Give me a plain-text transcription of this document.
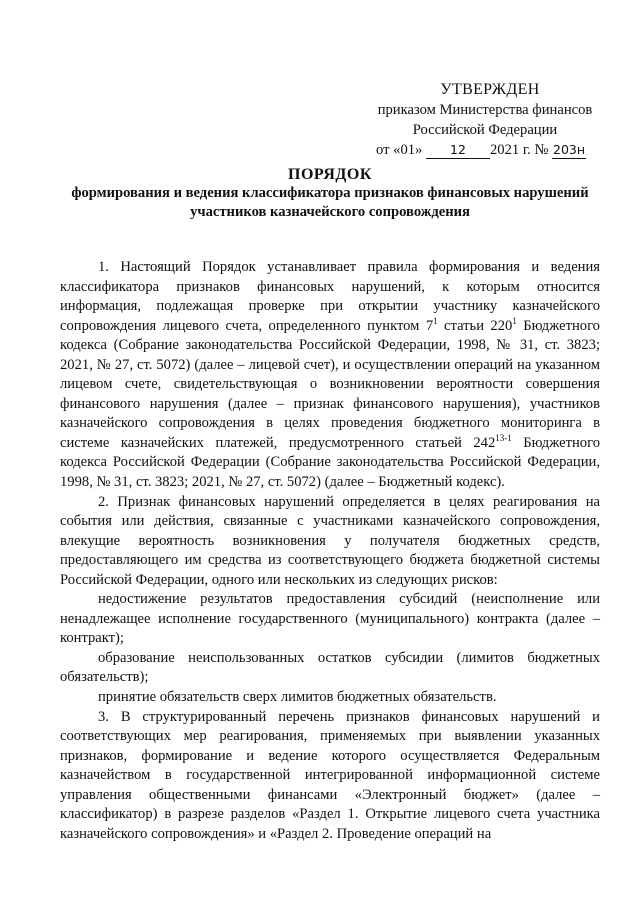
УТВЕРЖДЕН
приказом Министерства финансов
Российской Федерации
от «01» 12 2021 г. № 203н
ПОРЯДОК
формирования и ведения классификатора признаков финансовых нарушений
участников казначейского сопровождения

1. Настоящий Порядок устанавливает правила формирования и ведения классификатора признаков финансовых нарушений, к которым относится информация, подлежащая проверке при открытии участнику казначейского сопровождения лицевого счета, определенного пунктом $7^1$ статьи $220^1$ Бюджетного кодекса (Собрание законодательства Российской Федерации, 1998, № 31, ст. 3823; 2021, № 27, ст. 5072) (далее – лицевой счет), и осуществлении операций на указанном лицевом счете, свидетельствующая о возникновении вероятности совершения финансового нарушения (далее – признак финансового нарушения), участников казначейского сопровождения в целях проведения бюджетного мониторинга в системе казначейских платежей, предусмотренного статьей 242$^{13-1}$ Бюджетного кодекса Российской Федерации (Собрание законодательства Российской Федерации, 1998, № 31, ст. 3823; 2021, № 27, ст. 5072) (далее – Бюджетный кодекс).

2. Признак финансовых нарушений определяется в целях реагирования на события или действия, связанные с участниками казначейского сопровождения, влекущие вероятность возникновения у получателя бюджетных средств, предоставляющего им средства из соответствующего бюджета бюджетной системы Российской Федерации, одного или нескольких из следующих рисков:

недостижение результатов предоставления субсидий (неисполнение или ненадлежащее исполнение государственного (муниципального) контракта (далее – контракт);

образование неиспользованных остатков субсидии (лимитов бюджетных обязательств);

принятие обязательств сверх лимитов бюджетных обязательств.

3. В структурированный перечень признаков финансовых нарушений и соответствующих мер реагирования, применяемых при выявлении указанных признаков, формирование и ведение которого осуществляется Федеральным казначейством в государственной интегрированной информационной системе управления общественными финансами «Электронный бюджет» (далее – классификатор) в разрезе разделов «Раздел 1. Открытие лицевого счета участника казначейского сопровождения» и «Раздел 2. Проведение операций на
